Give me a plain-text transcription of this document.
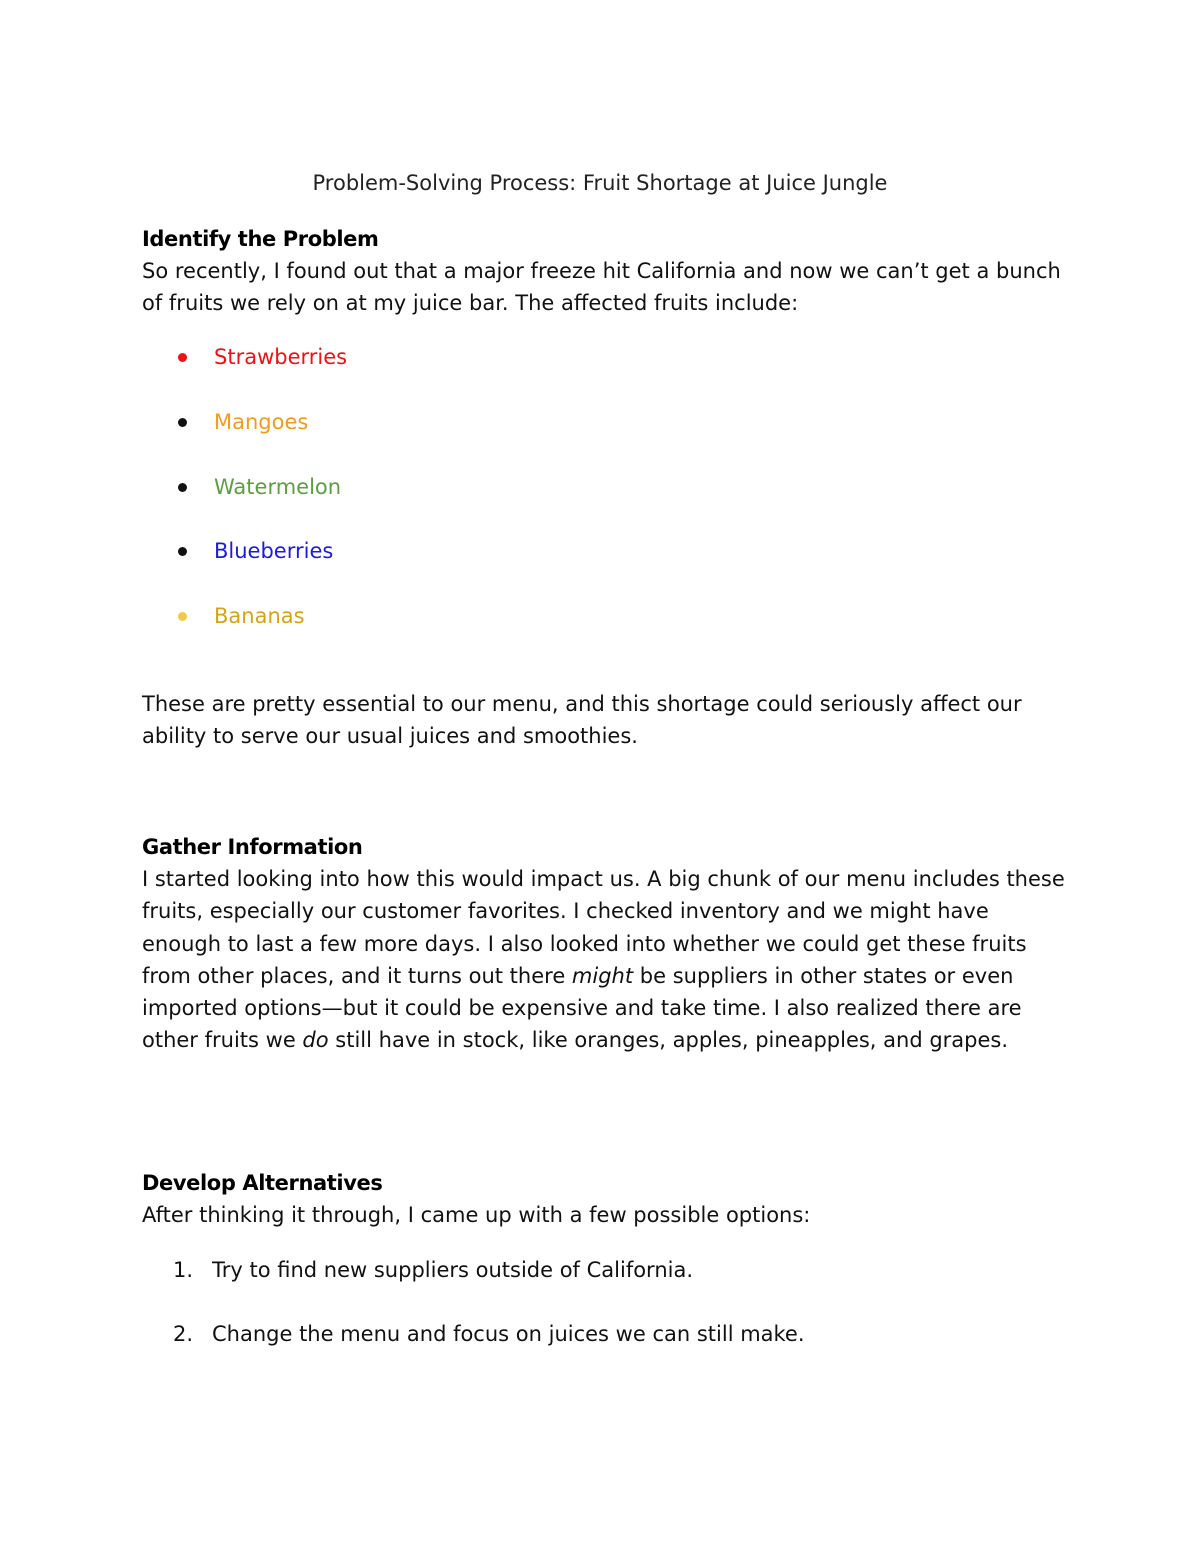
Problem-Solving Process: Fruit Shortage at Juice Jungle
Identify the Problem

So recently, I found out that a major freeze hit California and now we can’t get a bunch of fruits we rely on at my juice bar. The affected fruits include:

Strawberries
Mangoes
Watermelon
Blueberries
Bananas

These are pretty essential to our menu, and this shortage could seriously affect our ability to serve our usual juices and smoothies.

Gather Information

I started looking into how this would impact us. A big chunk of our menu includes these fruits, especially our customer favorites. I checked inventory and we might have enough to last a few more days. I also looked into whether we could get these fruits from other places, and it turns out there might be suppliers in other states or even imported options—but it could be expensive and take time. I also realized there are other fruits we do still have in stock, like oranges, apples, pineapples, and grapes.

Develop Alternatives

After thinking it through, I came up with a few possible options:

1. Try to find new suppliers outside of California.
2. Change the menu and focus on juices we can still make.
